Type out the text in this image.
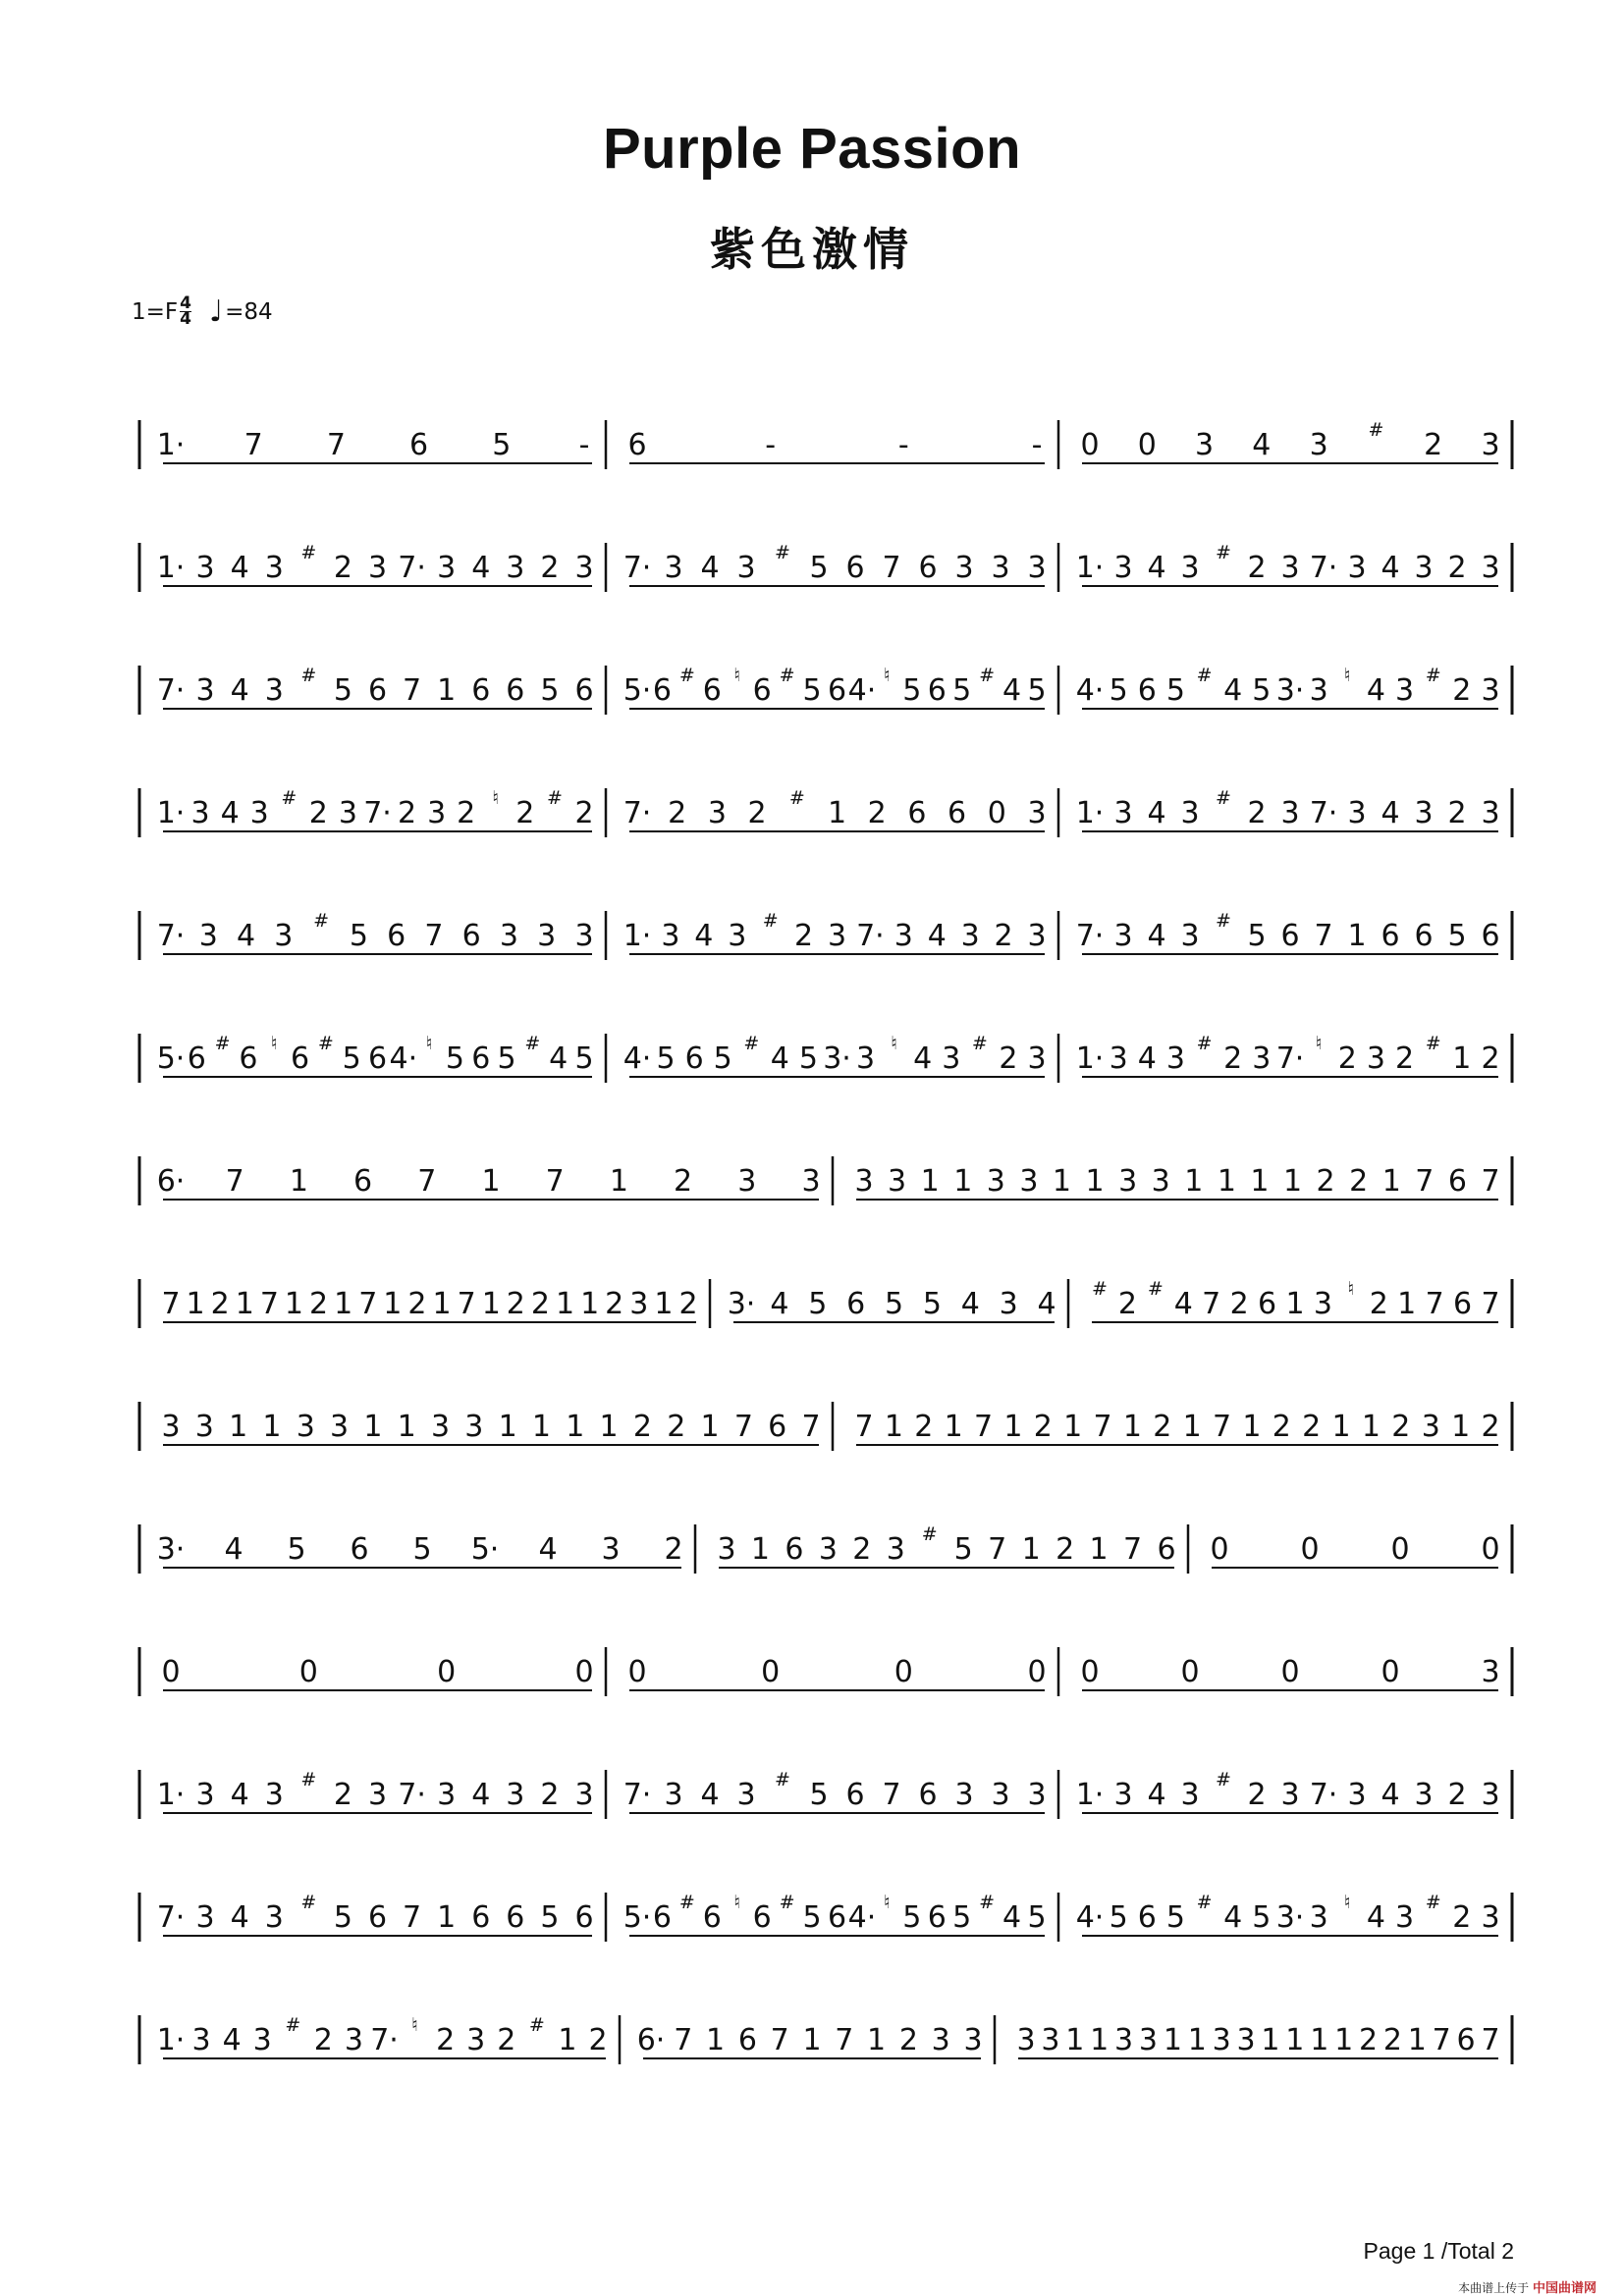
Purple Passion
紫色激情
$1=F \frac{4}{4}$ ♩ =84
1· 7 7 6 5 - 6	-	-	- 0 0 3 4 3 # 2 3
1· 3 4 3 # 2 3 7· 3 4 3 2 3 7· 3 4 3 # 5 6 7 6 3 3 3 1· 3 4 3 # 2 3 7· 3 4 3 2 3
7· 3 4 3 # 5 6 7 1 6 6 5 6 5· 6 # 6 ♮ 6 # 5 6 4· ♮ 5 6 5 # 4 5 4· 5 6 5 # 4 5 3· 3 ♮ 4 3 # 2 3
1· 3 4 3 # 2 3 7· 2 3 2 ♮ 2 # 2 7· 2 3 2 # 1 2 6 6 0 3 1· 3 4 3 # 2 3 7· 3 4 3 2 3
7· 3 4 3 # 5 6 7 6 3 3 3 1· 3 4 3 # 2 3 7· 3 4 3 2 3 7· 3 4 3 # 5 6 7 1 6 6 5 6
5· 6 # 6 ♮ 6 # 5 6 4· ♮ 5 6 5 # 4 5 4· 5 6 5 # 4 5 3· 3 ♮ 4 3 # 2 3 1· 3 4 3 # 2 3 7· ♮ 2 3 2 # 1 2
6· 7 1 6 7 1 7 1 2 3 3 3 3 1 1 3 3 1 1 3 3 1 1 1 1 2 2 1 7 6 7
7 1 2 1 7 1 2 1 7 1 2 1 7 1 2 2 1 1 2 3 1 2 3· 4 5 6 5 5 4 3 4 # 2 # 4 7 2 6 1 3 ♮ 2 1 7 6 7
3 3 1 1 3 3 1 1 3 3 1 1 1 1 2 2 1 7 6 7 7 1 2 1 7 1 2 1 7 1 2 1 7 1 2 2 1 1 2 3 1 2
3· 4 5 6 5 5· 4 3 2 3 1 6 3 2 3 # 5 7 1 2 1 7 6 0 0 0 0
0	0	0	0 0	0	0	0 0	0	0	0	3
1· 3 4 3 # 2 3 7· 3 4 3 2 3 7· 3 4 3 # 5 6 7 6 3 3 3 1· 3 4 3 # 2 3 7· 3 4 3 2 3
7· 3 4 3 # 5 6 7 1 6 6 5 6 5· 6 # 6 ♮ 6 # 5 6 4· ♮ 5 6 5 # 4 5 4· 5 6 5 # 4 5 3· 3 ♮ 4 3 # 2 3
1· 3 4 3 # 2 3 7· ♮ 2 3 2 # 1 2 6· 7 1 6 7 1 7 1 2 3 3 3 3 1 1 3 3 1 1 3 3 1 1 1 1 2 2 1 7 6 7
Page 1 /Total 2
本曲谱上传于 中国曲谱网
